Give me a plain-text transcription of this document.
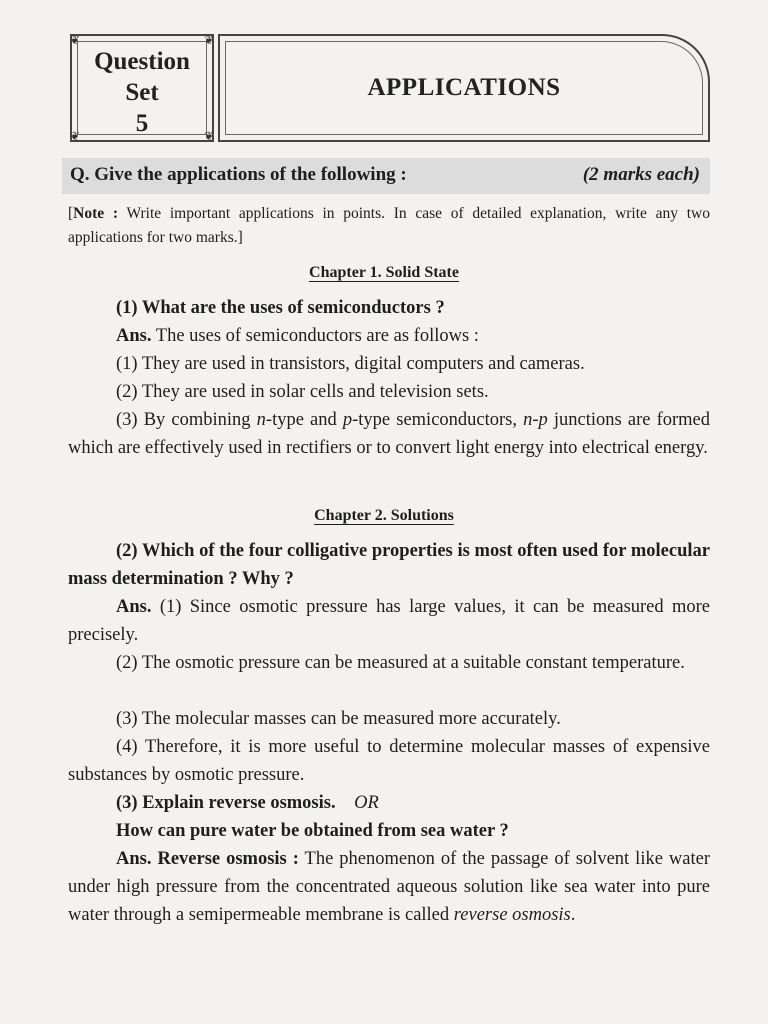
❦	❦
❦	❦
Question
Set
5
APPLICATIONS
Q. Give the applications of the following :	(2 marks each)
[Note : Write important applications in points. In case of detailed explanation, write any two applications for two marks.]
Chapter 1. Solid State
(1) What are the uses of semiconductors ?
Ans. The uses of semiconductors are as follows :
(1) They are used in transistors, digital computers and cameras.
(2) They are used in solar cells and television sets.
(3) By combining n-type and p-type semiconductors, n-p junctions are formed which are effectively used in rectifiers or to convert light energy into electrical energy.
Chapter 2. Solutions
(2) Which of the four colligative properties is most often used for molecular mass determination ? Why ?
Ans. (1) Since osmotic pressure has large values, it can be measured more precisely.
(2) The osmotic pressure can be measured at a suitable constant temperature.
(3) The molecular masses can be measured more accurately.
(4) Therefore, it is more useful to determine molecular masses of expensive substances by osmotic pressure.
(3) Explain reverse osmosis. OR
How can pure water be obtained from sea water ?
Ans. Reverse osmosis : The phenomenon of the passage of solvent like water under high pressure from the concentrated aqueous solution like sea water into pure water through a semipermeable membrane is called reverse osmosis.
